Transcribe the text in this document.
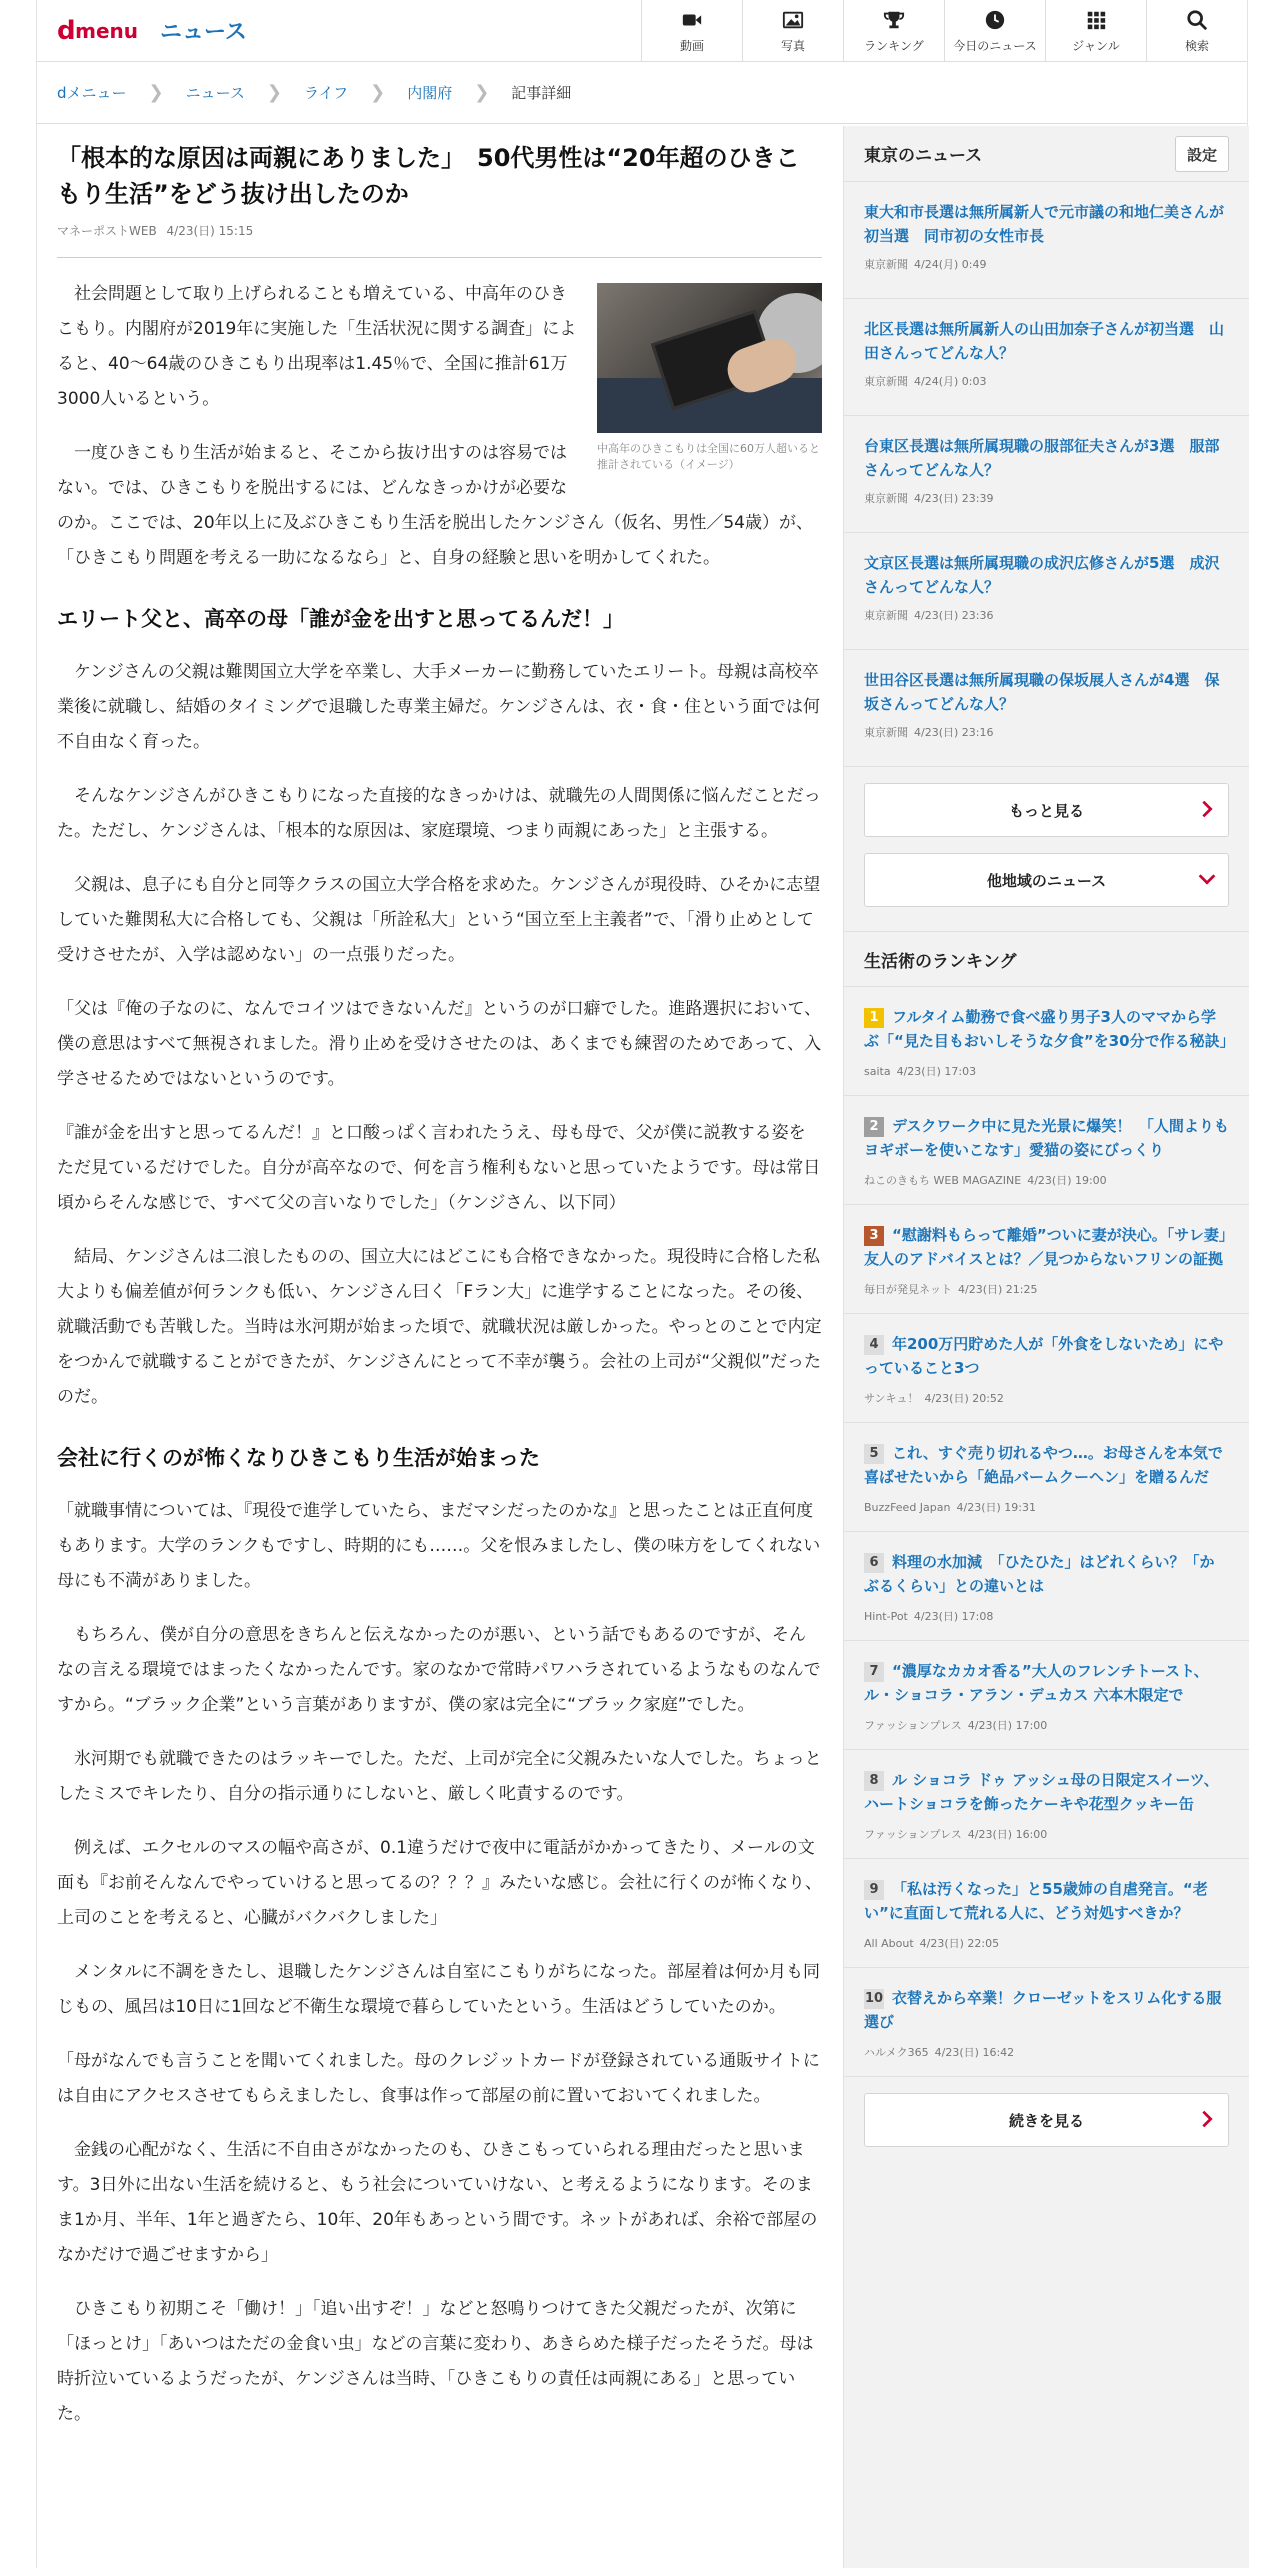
d menu ニュース
動画	写真	ランキング 今日のニュース	ジャンル	検索
dメニュー ❯ ニュース ❯ ライフ ❯ 内閣府 ❯ 記事詳細
「根本的な原因は両親にありました」　50代男性は“20年超のひきこもり生活”をどう抜け出したのか
マネーポストWEB 4/23(日) 15:15
中高年のひきこもりは全国に60万人超いると推計されている（イメージ）

　社会問題として取り上げられることも増えている、中高年のひきこもり。内閣府が2019年に実施した「生活状況に関する調査」によると、40〜64歳のひきこもり出現率は1.45％で、全国に推計61万3000人いるという。

　一度ひきこもり生活が始まると、そこから抜け出すのは容易ではない。では、ひきこもりを脱出するには、どんなきっかけが必要なのか。ここでは、20年以上に及ぶひきこもり生活を脱出したケンジさん（仮名、男性／54歳）が、「ひきこもり問題を考える一助になるなら」と、自身の経験と思いを明かしてくれた。

エリート父と、高卒の母「誰が金を出すと思ってるんだ！」

　ケンジさんの父親は難関国立大学を卒業し、大手メーカーに勤務していたエリート。母親は高校卒業後に就職し、結婚のタイミングで退職した専業主婦だ。ケンジさんは、衣・食・住という面では何不自由なく育った。

　そんなケンジさんがひきこもりになった直接的なきっかけは、就職先の人間関係に悩んだことだった。ただし、ケンジさんは、「根本的な原因は、家庭環境、つまり両親にあった」と主張する。

　父親は、息子にも自分と同等クラスの国立大学合格を求めた。ケンジさんが現役時、ひそかに志望していた難関私大に合格しても、父親は「所詮私大」という“国立至上主義者”で、「滑り止めとして受けさせたが、入学は認めない」の一点張りだった。

「父は『俺の子なのに、なんでコイツはできないんだ』というのが口癖でした。進路選択において、僕の意思はすべて無視されました。滑り止めを受けさせたのは、あくまでも練習のためであって、入学させるためではないというのです。

『誰が金を出すと思ってるんだ！』と口酸っぱく言われたうえ、母も母で、父が僕に説教する姿をただ見ているだけでした。自分が高卒なので、何を言う権利もないと思っていたようです。母は常日頃からそんな感じで、すべて父の言いなりでした」（ケンジさん、以下同）

　結局、ケンジさんは二浪したものの、国立大にはどこにも合格できなかった。現役時に合格した私大よりも偏差値が何ランクも低い、ケンジさん曰く「Fラン大」に進学することになった。その後、就職活動でも苦戦した。当時は氷河期が始まった頃で、就職状況は厳しかった。やっとのことで内定をつかんで就職することができたが、ケンジさんにとって不幸が襲う。会社の上司が“父親似”だったのだ。

会社に行くのが怖くなりひきこもり生活が始まった

「就職事情については、『現役で進学していたら、まだマシだったのかな』と思ったことは正直何度もあります。大学のランクもですし、時期的にも……。父を恨みましたし、僕の味方をしてくれない母にも不満がありました。

　もちろん、僕が自分の意思をきちんと伝えなかったのが悪い、という話でもあるのですが、そんなの言える環境ではまったくなかったんです。家のなかで常時パワハラされているようなものなんですから。“ブラック企業”という言葉がありますが、僕の家は完全に“ブラック家庭”でした。

　氷河期でも就職できたのはラッキーでした。ただ、上司が完全に父親みたいな人でした。ちょっとしたミスでキレたり、自分の指示通りにしないと、厳しく叱責するのです。

　例えば、エクセルのマスの幅や高さが、0.1違うだけで夜中に電話がかかってきたり、メールの文面も『お前そんなんでやっていけると思ってるの？？？』みたいな感じ。会社に行くのが怖くなり、上司のことを考えると、心臓がバクバクしました」

　メンタルに不調をきたし、退職したケンジさんは自室にこもりがちになった。部屋着は何か月も同じもの、風呂は10日に1回など不衛生な環境で暮らしていたという。生活はどうしていたのか。

「母がなんでも言うことを聞いてくれました。母のクレジットカードが登録されている通販サイトには自由にアクセスさせてもらえましたし、食事は作って部屋の前に置いておいてくれました。

　金銭の心配がなく、生活に不自由さがなかったのも、ひきこもっていられる理由だったと思います。3日外に出ない生活を続けると、もう社会についていけない、と考えるようになります。そのまま1か月、半年、1年と過ぎたら、10年、20年もあっという間です。ネットがあれば、余裕で部屋のなかだけで過ごせますから」

　ひきこもり初期こそ「働け！」「追い出すぞ！」などと怒鳴りつけてきた父親だったが、次第に「ほっとけ」「あいつはただの金食い虫」などの言葉に変わり、あきらめた様子だったそうだ。母は時折泣いているようだったが、ケンジさんは当時、「ひきこもりの責任は両親にある」と思っていた。

東京のニュース	設定
東大和市長選は無所属新人で元市議の和地仁美さんが初当選　同市初の女性市長
東京新聞 4/24(月) 0:49
北区長選は無所属新人の山田加奈子さんが初当選　山田さんってどんな人？
東京新聞 4/24(月) 0:03
台東区長選は無所属現職の服部征夫さんが3選　服部さんってどんな人？
東京新聞 4/23(日) 23:39
文京区長選は無所属現職の成沢広修さんが5選　成沢さんってどんな人？
東京新聞 4/23(日) 23:36
世田谷区長選は無所属現職の保坂展人さんが4選　保坂さんってどんな人？
東京新聞 4/23(日) 23:16
もっと見る
他地域のニュース
生活術のランキング
1 フルタイム勤務で食べ盛り男子3人のママから学ぶ「“見た目もおいしそうな夕食”を30分で作る秘訣」
saita 4/23(日) 17:03
2 デスクワーク中に見た光景に爆笑！　「人間よりもヨギボーを使いこなす」愛猫の姿にびっくり
ねこのきもち WEB MAGAZINE 4/23(日) 19:00
3 “慰謝料もらって離婚”ついに妻が決心。「サレ妻」友人のアドバイスとは？／見つからないフリンの証拠
毎日が発見ネット 4/23(日) 21:25
4 年200万円貯めた人が「外食をしないため」にやっていること3つ
サンキュ！ 4/23(日) 20:52
5 これ、すぐ売り切れるやつ…。お母さんを本気で喜ばせたいから「絶品バームクーヘン」を贈るんだ
BuzzFeed Japan 4/23(日) 19:31
6 料理の水加減　「ひたひた」はどれくらい？「かぶるくらい」との違いとは
Hint-Pot 4/23(日) 17:08
7 “濃厚なカカオ香る”大人のフレンチトースト、ル・ショコラ・アラン・デュカス 六本木限定で
ファッションプレス 4/23(日) 17:00
8 ル ショコラ ドゥ アッシュ母の日限定スイーツ、ハートショコラを飾ったケーキや花型クッキー缶
ファッションプレス 4/23(日) 16:00
9 「私は汚くなった」と55歳姉の自虐発言。“老い”に直面して荒れる人に、どう対処すべきか？
All About 4/23(日) 22:05
10 衣替えから卒業！クローゼットをスリム化する服選び
ハルメク365 4/23(日) 16:42
続きを見る
